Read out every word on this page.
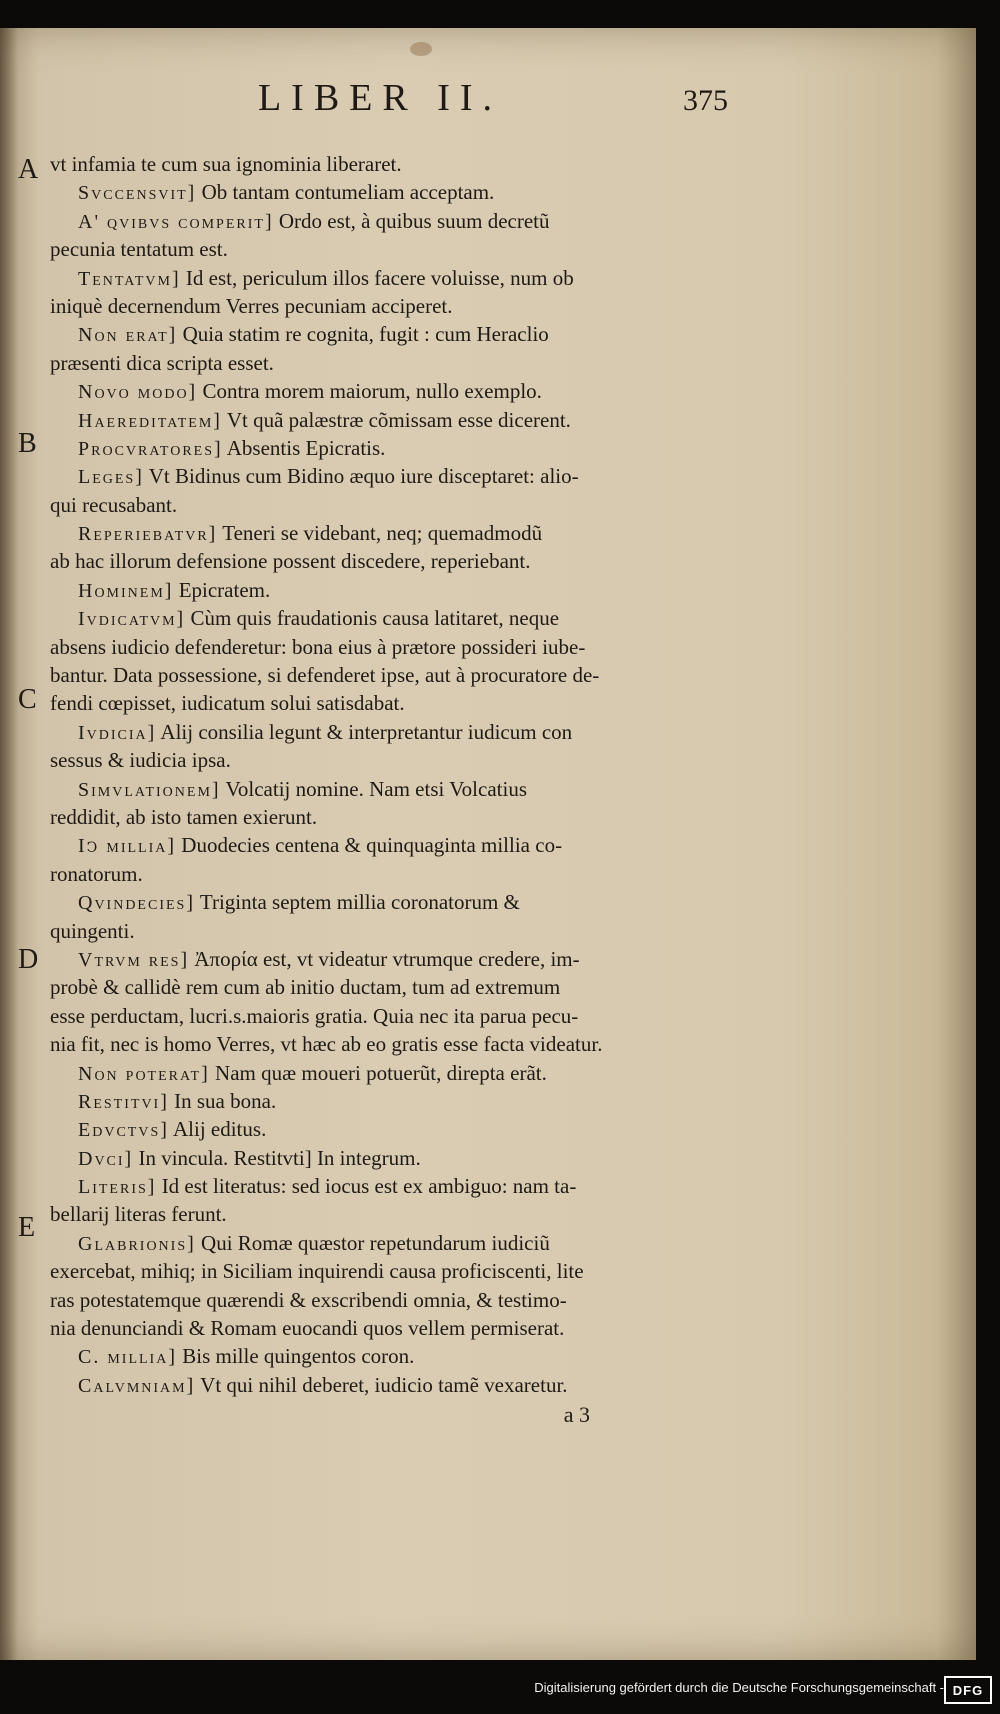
LIBER II.	375
A
B
C
D
E
vt infamia te cum sua ignominia liberaret.
Svccensvit] Ob tantam contumeliam acceptam.
A' qvibvs comperit] Ordo est, à quibus suum decretũ
pecunia tentatum est.
Tentatvm] Id est, periculum illos facere voluisse, num ob
iniquè decernendum Verres pecuniam acciperet.
Non erat] Quia statim re cognita, fugit : cum Heraclio
præsenti dica scripta esset.
Novo modo] Contra morem maiorum, nullo exemplo.
Haereditatem] Vt quã palæstræ cõmissam esse dicerent.
Procvratores] Absentis Epicratis.
Leges] Vt Bidinus cum Bidino æquo iure disceptaret: alio-
qui recusabant.
Reperiebatvr] Teneri se videbant, neq; quemadmodũ
ab hac illorum defensione possent discedere, reperiebant.
Hominem] Epicratem.
Ivdicatvm] Cùm quis fraudationis causa latitaret, neque
absens iudicio defenderetur: bona eius à prætore possideri iube-
bantur. Data possessione, si defenderet ipse, aut à procuratore de-
fendi cœpisset, iudicatum solui satisdabat.
Ivdicia] Alij consilia legunt & interpretantur iudicum con
sessus & iudicia ipsa.
Simvlationem] Volcatij nomine. Nam etsi Volcatius
reddidit, ab isto tamen exierunt.
Iↄ millia] Duodecies centena & quinquaginta millia co-
ronatorum.
Qvindecies] Triginta septem millia coronatorum &
quingenti.
Vtrvm res] Ἀπορία est, vt videatur vtrumque credere, im-
probè & callidè rem cum ab initio ductam, tum ad extremum
esse perductam, lucri.s.maioris gratia. Quia nec ita parua pecu-
nia fit, nec is homo Verres, vt hæc ab eo gratis esse facta videatur.
Non poterat] Nam quæ moueri potuerũt, direpta erãt.
Restitvi] In sua bona.
Edvctvs] Alij editus.
Dvci] In vincula. Restitvti] In integrum.
Literis] Id est literatus: sed iocus est ex ambiguo: nam ta-
bellarij literas ferunt.
Glabrionis] Qui Romæ quæstor repetundarum iudiciũ
exercebat, mihiq; in Siciliam inquirendi causa proficiscenti, lite
ras potestatemque quærendi & exscribendi omnia, & testimo-
nia denunciandi & Romam euocandi quos vellem permiserat.
C. millia] Bis mille quingentos coron.
Calvmniam] Vt qui nihil deberet, iudicio tamẽ vexaretur.
a 3
Digitalisierung gefördert durch die Deutsche Forschungsgemeinschaft - DFG
